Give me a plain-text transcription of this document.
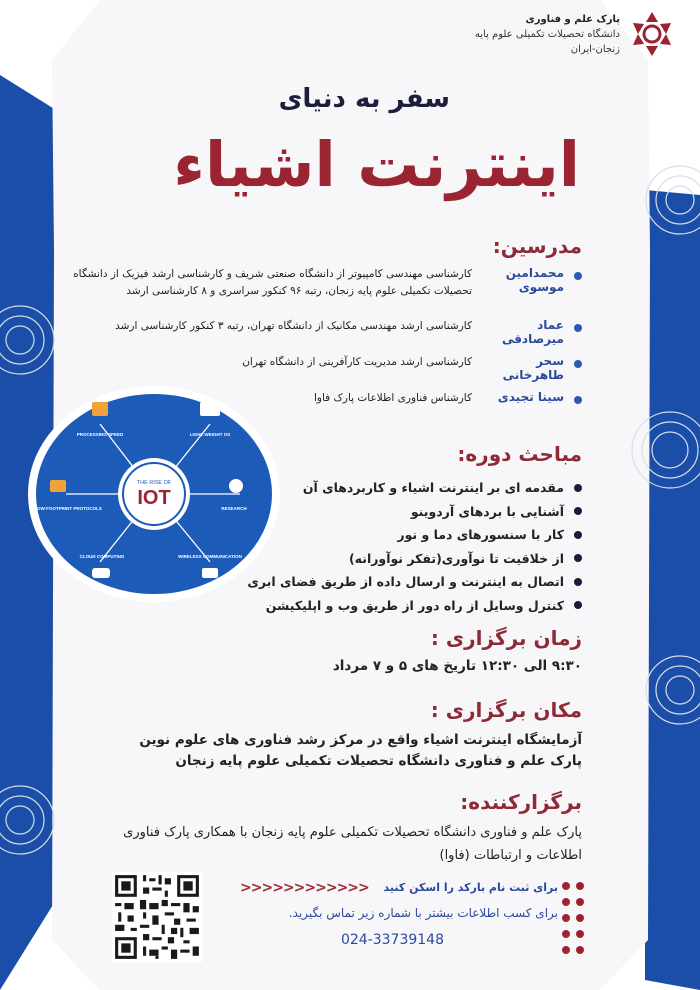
پارک علم و فناوری
دانشگاه تحصیلات تکمیلی علوم پایه
زنجان-ایران
سفر به دنیای
اینترنت اشیاء
مدرسین:
محمدامین موسوی
کارشناسی مهندسی کامپیوتر از دانشگاه صنعتی شریف و کارشناسی ارشد فیزیک از دانشگاه تحصیلات تکمیلی علوم پایه زنجان، رتبه ۹۶ کنکور سراسری و ۸ کارشناسی ارشد
عماد میرصادقی
کارشناسی ارشد مهندسی مکانیک از دانشگاه تهران، رتبه ۳ کنکور کارشناسی ارشد
سحر طاهرخانی
کارشناسی ارشد مدیریت کارآفرینی از دانشگاه تهران
سینا تجیدی
کارشناس فناوری اطلاعات پارک فاوا
THE RISE OF
IOT
PROCESSING SPEED	LIGHT-WEIGHT OS
RESEARCH
WIRELESS COMMUNICATION
CLOUD COMPUTING
LOW-FOOTPRINT PROTOCOLS
مباحث دوره:
مقدمه ای بر اینترنت اشیاء و کاربردهای آن
آشنایی با بردهای آردوینو
کار با سنسورهای دما و نور
از خلاقیت تا نوآوری(تفکر نوآورانه)
اتصال به اینترنت و ارسال داده از طریق فضای ابری
کنترل وسایل از راه دور از طریق وب و اپلیکیشن
زمان برگزاری :
۹:۳۰ الی ۱۲:۳۰ تاریخ های ۵ و ۷ مرداد
مکان برگزاری :
آزمایشگاه اینترنت اشیاء واقع در مرکز رشد فناوری های علوم نوین پارک علم و فناوری دانشگاه تحصیلات تکمیلی علوم پایه زنجان
برگزارکننده:
پارک علم و فناوری دانشگاه تحصیلات تکمیلی علوم پایه زنجان با همکاری پارک فناوری اطلاعات و ارتباطات (فاوا)
<<<<<<<<<<<< برای ثبت نام بارکد را اسکن کنید
برای کسب اطلاعات بیشتر با شماره زیر تماس بگیرید.
024-33739148
